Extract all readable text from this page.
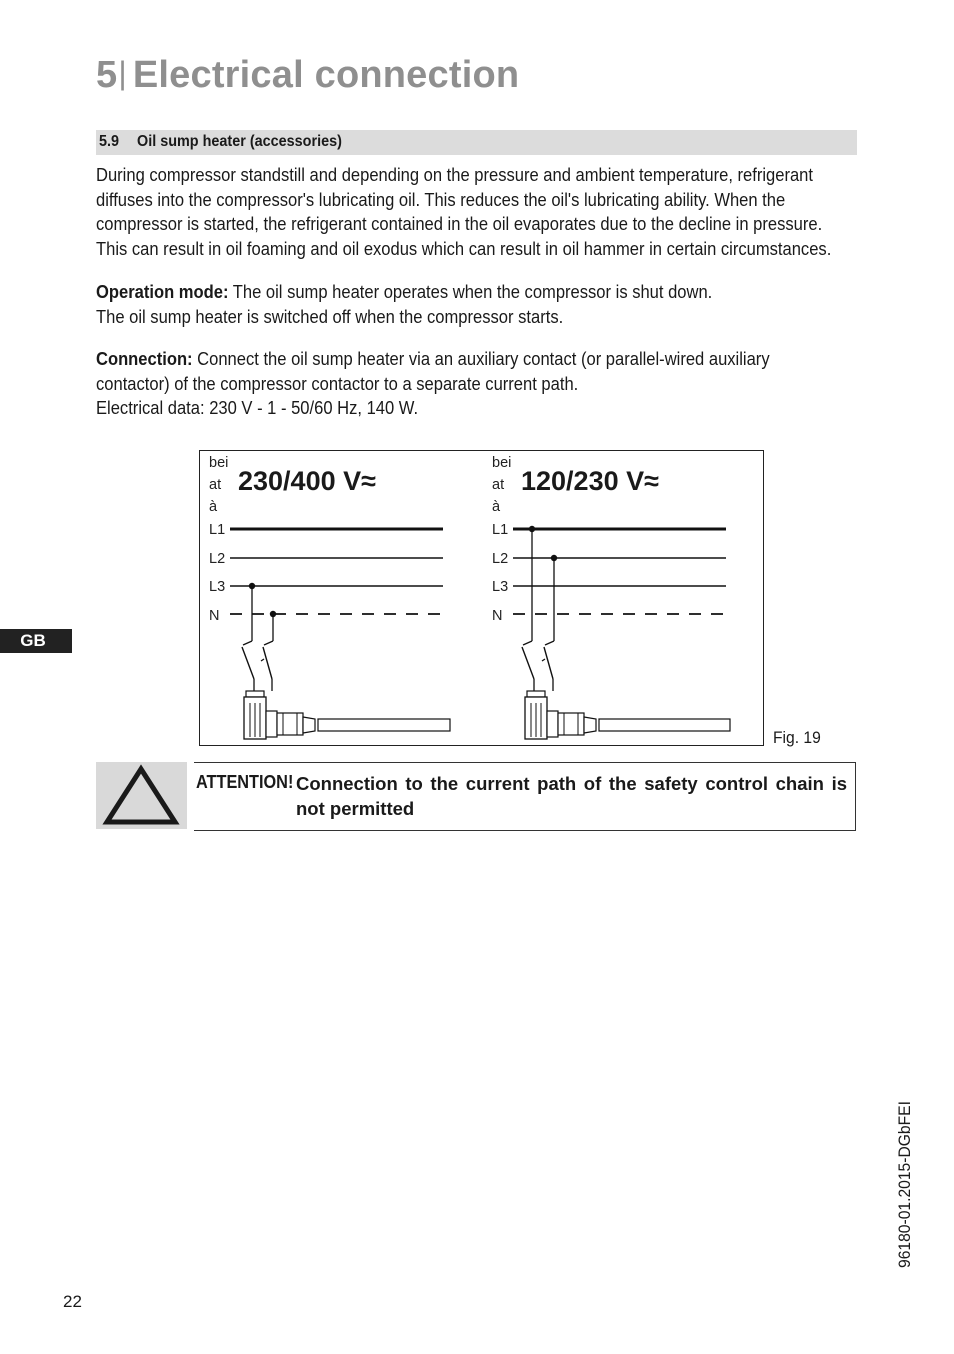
5| Electrical connection
5.9 Oil sump heater (accessories)

During compressor standstill and depending on the pressure and ambient temperature, refrigerant

diffuses into the compressor's lubricating oil. This reduces the oil's lubricating ability. When the

compressor is started, the refrigerant contained in the oil evaporates due to the decline in pressure.

This can result in oil foaming and oil exodus which can result in oil hammer in certain circumstances.

Operation mode: The oil sump heater operates when the compressor is shut down.

The oil sump heater is switched off when the compressor starts.

Connection: Connect the oil sump heater via an auxiliary contact (or parallel-wired auxiliary

contactor) of the compressor contactor to a separate current path.

Electrical data: 230 V - 1 - 50/60 Hz, 140 W.

bei
at
à
230/400 V≈
L1
L2
L3
N
bei
at
à
120/230 V≈
L1
L2
L3
N
Fig. 19
ATTENTION! Connection to the current path of the safety control chain is not permitted
GB
22
96180-01.2015-DGbFEI
